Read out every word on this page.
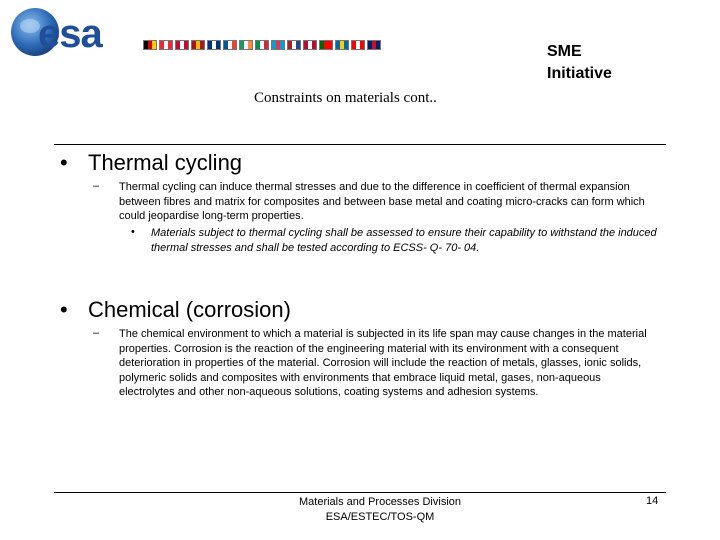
esa	SME
Initiative
Constraints on materials cont..
• Thermal cycling
– Thermal cycling can induce thermal stresses and due to the difference in coefficient of thermal expansion between fibres and matrix for composites and between base metal and coating micro-cracks can form which could jeopardise long-term properties.
• Materials subject to thermal cycling shall be assessed to ensure their capability to withstand the induced thermal stresses and shall be tested according to ECSS- Q- 70- 04.
• Chemical (corrosion)
– The chemical environment to which a material is subjected in its life span may cause changes in the material properties. Corrosion is the reaction of the engineering material with its environment with a consequent deterioration in properties of the material. Corrosion will include the reaction of metals, glasses, ionic solids, polymeric solids and composites with environments that embrace liquid metal, gases, non-aqueous electrolytes and other non-aqueous solutions, coating systems and adhesion systems.
Materials and Processes Division
ESA/ESTEC/TOS-QM
14
